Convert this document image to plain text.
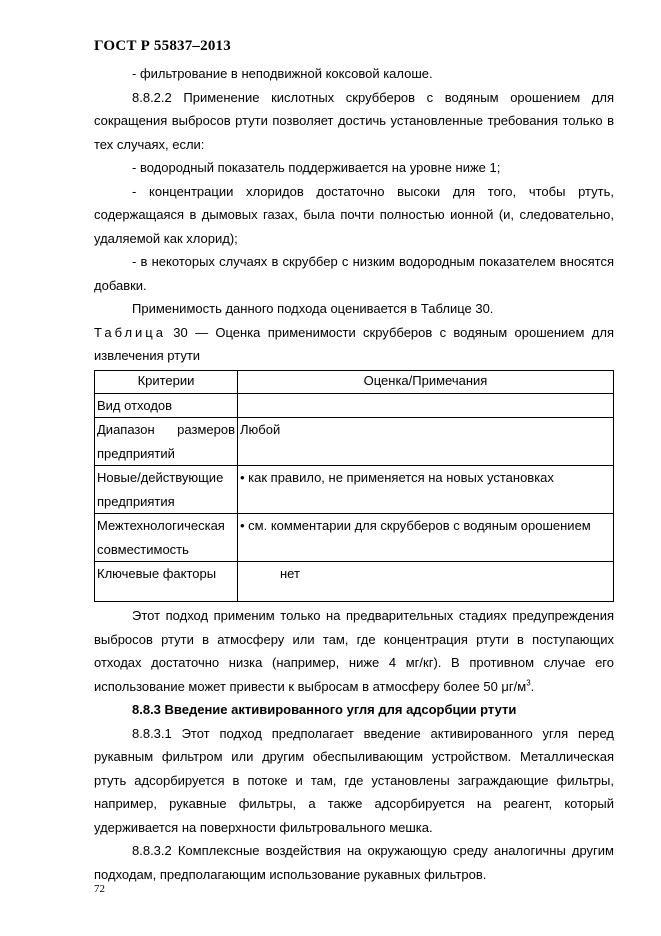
ГОСТ Р 55837–2013

- фильтрование в неподвижной коксовой калоше.

8.8.2.2 Применение кислотных скрубберов с водяным орошением для сокращения выбросов ртути позволяет достичь установленные требования только в тех случаях, если:

- водородный показатель поддерживается на уровне ниже 1;

- концентрации хлоридов достаточно высоки для того, чтобы ртуть, содержащаяся в дымовых газах, была почти полностью ионной (и, следовательно, удаляемой как хлорид);

- в некоторых случаях в скруббер с низким водородным показателем вносятся добавки.

Применимость данного подхода оценивается в Таблице 30.

Таблица 30 — Оценка применимости скрубберов с водяным орошением для извлечения ртути

Критерии	Оценка/Примечания

Вид отходов	

Диапазон размеров
предприятий	Любой

Новые/действующие
предприятия	• как правило, не применяется на новых установках

Межтехнологическая
совместимость	• см. комментарии для скрубберов с водяным орошением

Ключевые факторы	нет

Этот подход применим только на предварительных стадиях предупреждения выбросов ртути в атмосферу или там, где концентрация ртути в поступающих отходах достаточно низка (например, ниже 4 мг/кг). В противном случае его использование может привести к выбросам в атмосферу более 50 $\mu г/м^3$.

8.8.3 Введение активированного угля для адсорбции ртути

8.8.3.1 Этот подход предполагает введение активированного угля перед рукавным фильтром или другим обеспыливающим устройством. Металлическая ртуть адсорбируется в потоке и там, где установлены заграждающие фильтры, например, рукавные фильтры, а также адсорбируется на реагент, который удерживается на поверхности фильтровального мешка.

8.8.3.2 Комплексные воздействия на окружающую среду аналогичны другим подходам, предполагающим использование рукавных фильтров.

72
